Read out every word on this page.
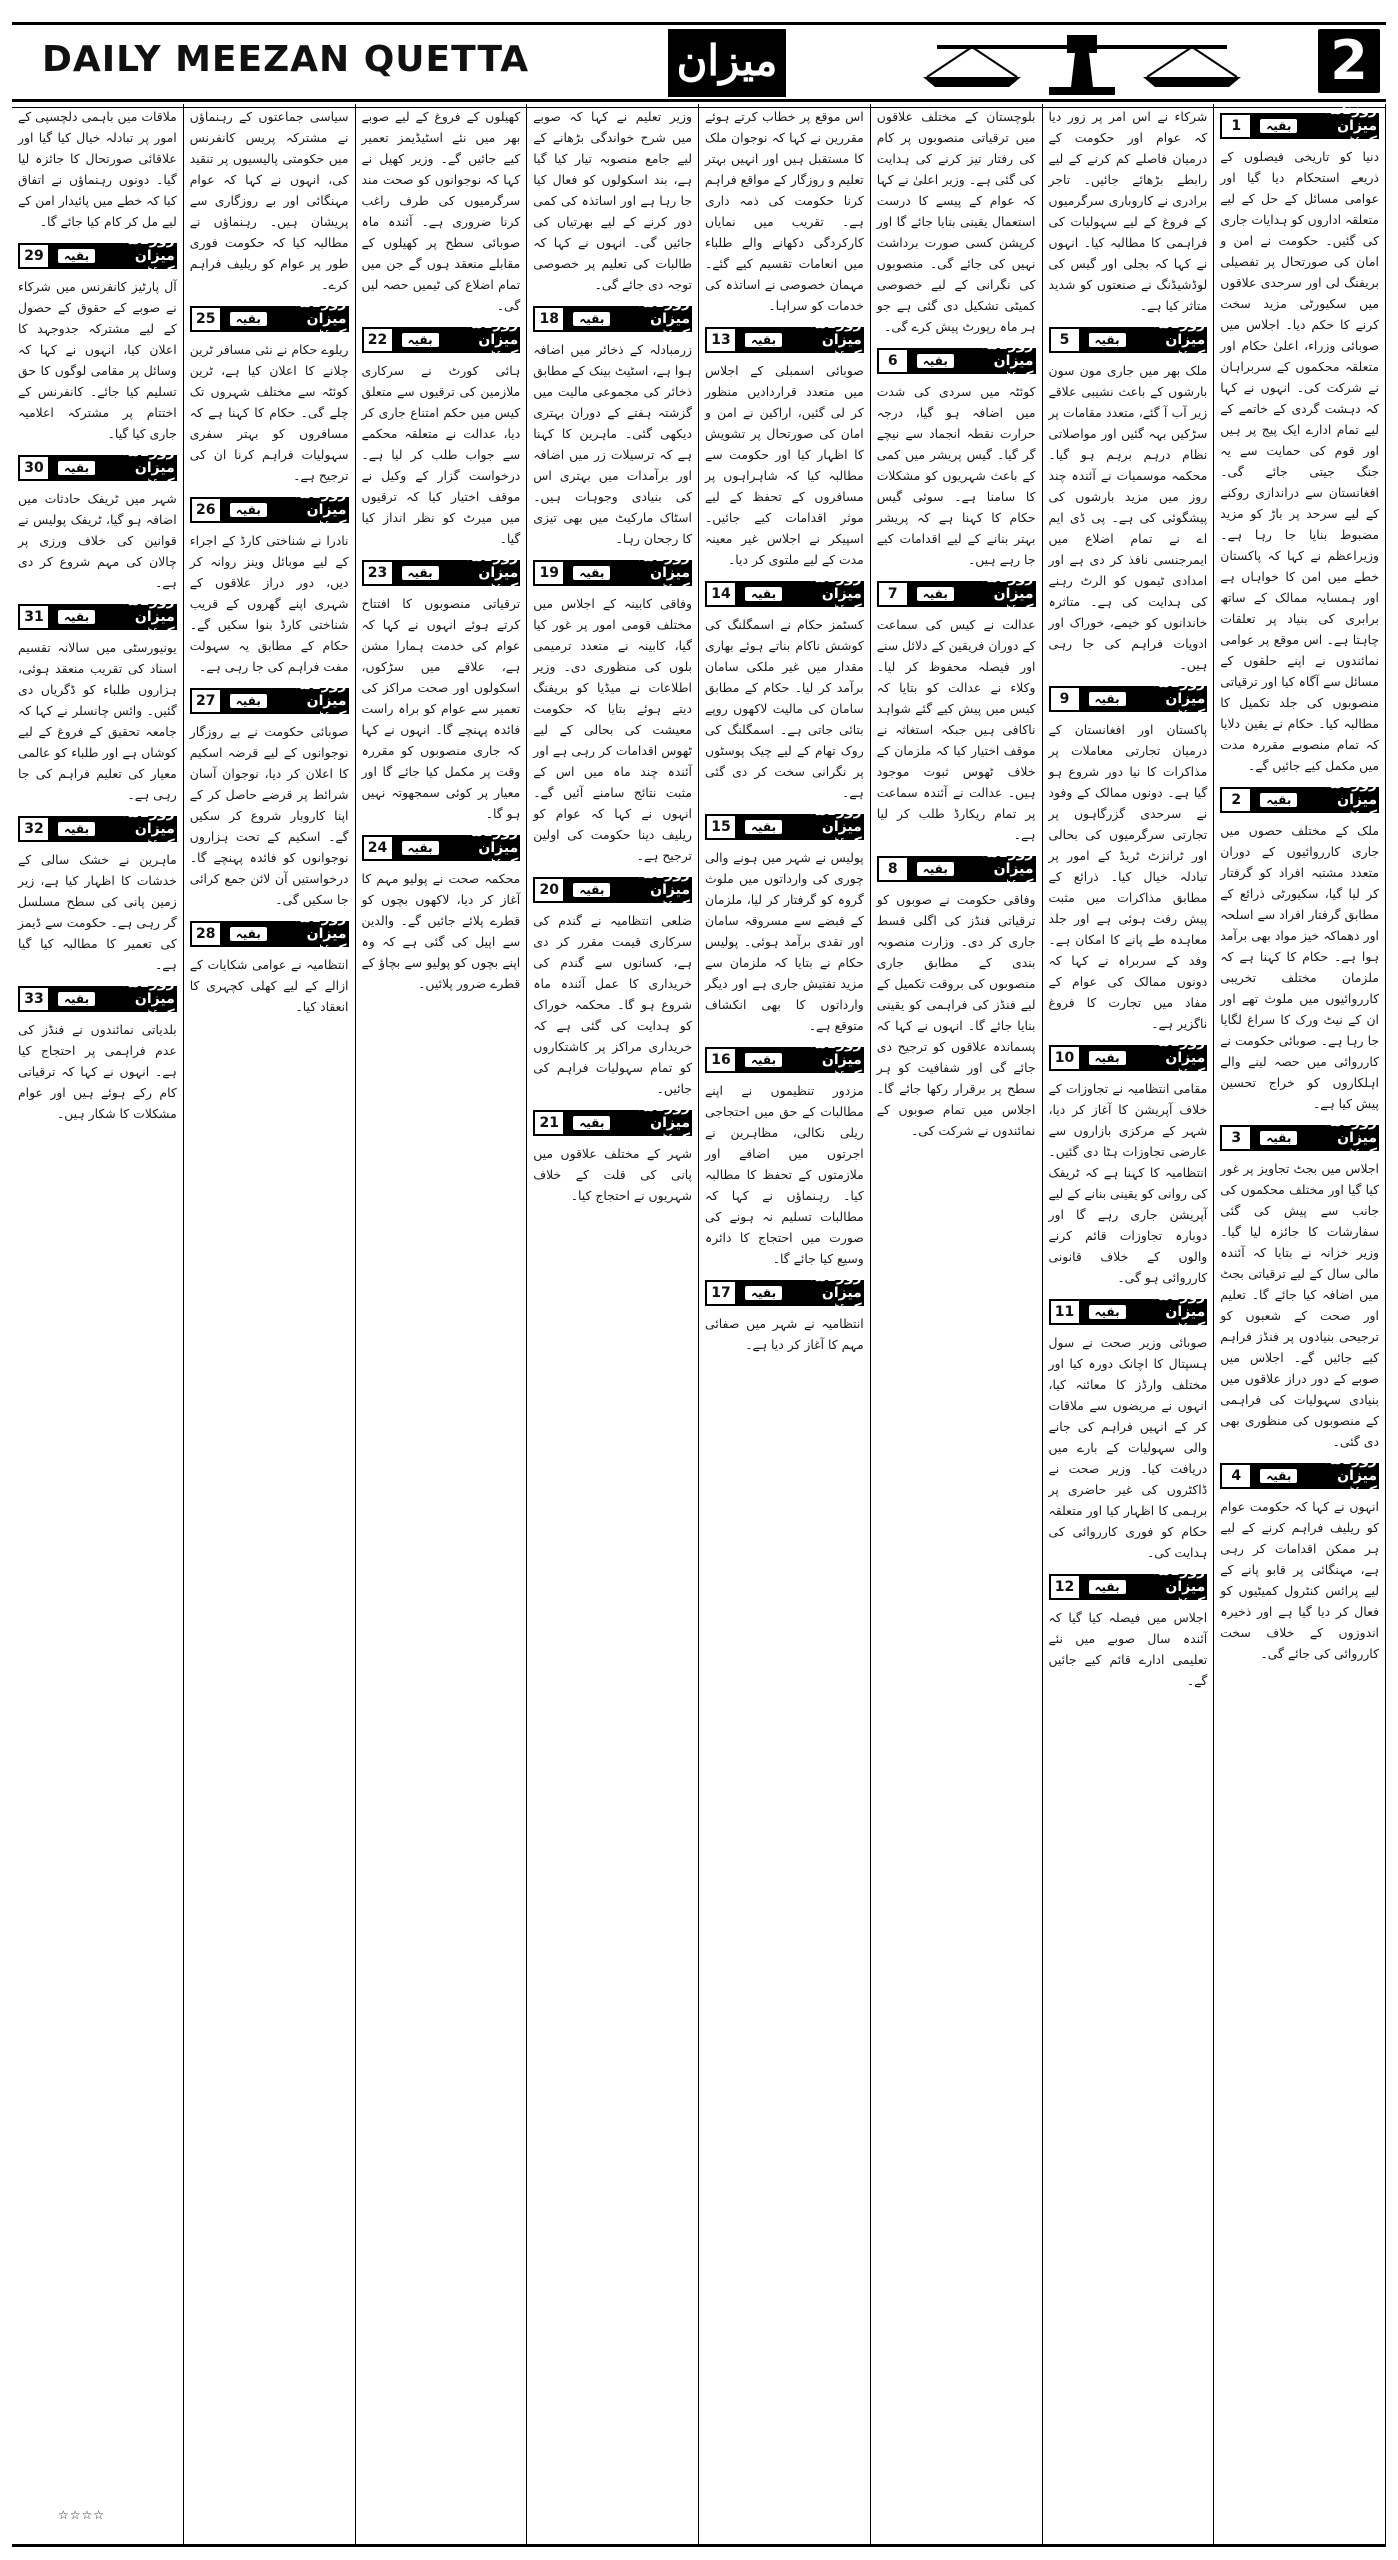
DAILY MEEZAN QUETTA	میزان	2
1
روزنامہ میزان کوئٹہ
بقیہ

دنیا کو تاریخی فیصلوں کے ذریعے استحکام دیا گیا اور عوامی مسائل کے حل کے لیے متعلقہ اداروں کو ہدایات جاری کی گئیں۔ حکومت نے امن و امان کی صورتحال پر تفصیلی بریفنگ لی اور سرحدی علاقوں میں سکیورٹی مزید سخت کرنے کا حکم دیا۔ اجلاس میں صوبائی وزراء، اعلیٰ حکام اور متعلقہ محکموں کے سربراہان نے شرکت کی۔ انہوں نے کہا کہ دہشت گردی کے خاتمے کے لیے تمام ادارے ایک پیج پر ہیں اور قوم کی حمایت سے یہ جنگ جیتی جائے گی۔ افغانستان سے دراندازی روکنے کے لیے سرحد پر باڑ کو مزید مضبوط بنایا جا رہا ہے۔ وزیراعظم نے کہا کہ پاکستان خطے میں امن کا خواہاں ہے اور ہمسایہ ممالک کے ساتھ برابری کی بنیاد پر تعلقات چاہتا ہے۔ اس موقع پر عوامی نمائندوں نے اپنے حلقوں کے مسائل سے آگاہ کیا اور ترقیاتی منصوبوں کی جلد تکمیل کا مطالبہ کیا۔ حکام نے یقین دلایا کہ تمام منصوبے مقررہ مدت میں مکمل کیے جائیں گے۔

2
روزنامہ میزان کوئٹہ
بقیہ

ملک کے مختلف حصوں میں جاری کارروائیوں کے دوران متعدد مشتبہ افراد کو گرفتار کر لیا گیا، سکیورٹی ذرائع کے مطابق گرفتار افراد سے اسلحہ اور دھماکہ خیز مواد بھی برآمد ہوا ہے۔ حکام کا کہنا ہے کہ ملزمان مختلف تخریبی کارروائیوں میں ملوث تھے اور ان کے نیٹ ورک کا سراغ لگایا جا رہا ہے۔ صوبائی حکومت نے کارروائی میں حصہ لینے والے اہلکاروں کو خراج تحسین پیش کیا ہے۔

3
روزنامہ میزان کوئٹہ
بقیہ

اجلاس میں بجٹ تجاویز پر غور کیا گیا اور مختلف محکموں کی جانب سے پیش کی گئی سفارشات کا جائزہ لیا گیا۔ وزیر خزانہ نے بتایا کہ آئندہ مالی سال کے لیے ترقیاتی بجٹ میں اضافہ کیا جائے گا۔ تعلیم اور صحت کے شعبوں کو ترجیحی بنیادوں پر فنڈز فراہم کیے جائیں گے۔ اجلاس میں صوبے کے دور دراز علاقوں میں بنیادی سہولیات کی فراہمی کے منصوبوں کی منظوری بھی دی گئی۔

4
روزنامہ میزان کوئٹہ
بقیہ

انہوں نے کہا کہ حکومت عوام کو ریلیف فراہم کرنے کے لیے ہر ممکن اقدامات کر رہی ہے، مہنگائی پر قابو پانے کے لیے پرائس کنٹرول کمیٹیوں کو فعال کر دیا گیا ہے اور ذخیرہ اندوزوں کے خلاف سخت کارروائی کی جائے گی۔

شرکاء نے اس امر پر زور دیا کہ عوام اور حکومت کے درمیان فاصلے کم کرنے کے لیے رابطے بڑھائے جائیں۔ تاجر برادری نے کاروباری سرگرمیوں کے فروغ کے لیے سہولیات کی فراہمی کا مطالبہ کیا۔ انہوں نے کہا کہ بجلی اور گیس کی لوڈشیڈنگ نے صنعتوں کو شدید متاثر کیا ہے۔

5
روزنامہ میزان کوئٹہ
بقیہ

ملک بھر میں جاری مون سون بارشوں کے باعث نشیبی علاقے زیر آب آ گئے، متعدد مقامات پر سڑکیں بہہ گئیں اور مواصلاتی نظام درہم برہم ہو گیا۔ محکمہ موسمیات نے آئندہ چند روز میں مزید بارشوں کی پیشگوئی کی ہے۔ پی ڈی ایم اے نے تمام اضلاع میں ایمرجنسی نافذ کر دی ہے اور امدادی ٹیموں کو الرٹ رہنے کی ہدایت کی ہے۔ متاثرہ خاندانوں کو خیمے، خوراک اور ادویات فراہم کی جا رہی ہیں۔

9
روزنامہ میزان کوئٹہ
بقیہ

پاکستان اور افغانستان کے درمیان تجارتی معاملات پر مذاکرات کا نیا دور شروع ہو گیا ہے۔ دونوں ممالک کے وفود نے سرحدی گزرگاہوں پر تجارتی سرگرمیوں کی بحالی اور ٹرانزٹ ٹریڈ کے امور پر تبادلہ خیال کیا۔ ذرائع کے مطابق مذاکرات میں مثبت پیش رفت ہوئی ہے اور جلد معاہدہ طے پانے کا امکان ہے۔ وفد کے سربراہ نے کہا کہ دونوں ممالک کی عوام کے مفاد میں تجارت کا فروغ ناگزیر ہے۔

10
روزنامہ میزان کوئٹہ
بقیہ

مقامی انتظامیہ نے تجاوزات کے خلاف آپریشن کا آغاز کر دیا، شہر کے مرکزی بازاروں سے عارضی تجاوزات ہٹا دی گئیں۔ انتظامیہ کا کہنا ہے کہ ٹریفک کی روانی کو یقینی بنانے کے لیے آپریشن جاری رہے گا اور دوبارہ تجاوزات قائم کرنے والوں کے خلاف قانونی کارروائی ہو گی۔

11
روزنامہ میزان کوئٹہ
بقیہ

صوبائی وزیر صحت نے سول ہسپتال کا اچانک دورہ کیا اور مختلف وارڈز کا معائنہ کیا، انہوں نے مریضوں سے ملاقات کر کے انہیں فراہم کی جانے والی سہولیات کے بارے میں دریافت کیا۔ وزیر صحت نے ڈاکٹروں کی غیر حاضری پر برہمی کا اظہار کیا اور متعلقہ حکام کو فوری کارروائی کی ہدایت کی۔

12
روزنامہ میزان کوئٹہ
بقیہ

اجلاس میں فیصلہ کیا گیا کہ آئندہ سال صوبے میں نئے تعلیمی ادارے قائم کیے جائیں گے۔

بلوچستان کے مختلف علاقوں میں ترقیاتی منصوبوں پر کام کی رفتار تیز کرنے کی ہدایت کی گئی ہے۔ وزیر اعلیٰ نے کہا کہ عوام کے پیسے کا درست استعمال یقینی بنایا جائے گا اور کرپشن کسی صورت برداشت نہیں کی جائے گی۔ منصوبوں کی نگرانی کے لیے خصوصی کمیٹی تشکیل دی گئی ہے جو ہر ماہ رپورٹ پیش کرے گی۔

6
روزنامہ میزان کوئٹہ
بقیہ

کوئٹہ میں سردی کی شدت میں اضافہ ہو گیا، درجہ حرارت نقطہ انجماد سے نیچے گر گیا۔ گیس پریشر میں کمی کے باعث شہریوں کو مشکلات کا سامنا ہے۔ سوئی گیس حکام کا کہنا ہے کہ پریشر بہتر بنانے کے لیے اقدامات کیے جا رہے ہیں۔

7
روزنامہ میزان کوئٹہ
بقیہ

عدالت نے کیس کی سماعت کے دوران فریقین کے دلائل سنے اور فیصلہ محفوظ کر لیا۔ وکلاء نے عدالت کو بتایا کہ کیس میں پیش کیے گئے شواہد ناکافی ہیں جبکہ استغاثہ نے موقف اختیار کیا کہ ملزمان کے خلاف ٹھوس ثبوت موجود ہیں۔ عدالت نے آئندہ سماعت پر تمام ریکارڈ طلب کر لیا ہے۔

8
روزنامہ میزان کوئٹہ
بقیہ

وفاقی حکومت نے صوبوں کو ترقیاتی فنڈز کی اگلی قسط جاری کر دی۔ وزارت منصوبہ بندی کے مطابق جاری منصوبوں کی بروقت تکمیل کے لیے فنڈز کی فراہمی کو یقینی بنایا جائے گا۔ انہوں نے کہا کہ پسماندہ علاقوں کو ترجیح دی جائے گی اور شفافیت کو ہر سطح پر برقرار رکھا جائے گا۔ اجلاس میں تمام صوبوں کے نمائندوں نے شرکت کی۔

اس موقع پر خطاب کرتے ہوئے مقررین نے کہا کہ نوجوان ملک کا مستقبل ہیں اور انہیں بہتر تعلیم و روزگار کے مواقع فراہم کرنا حکومت کی ذمہ داری ہے۔ تقریب میں نمایاں کارکردگی دکھانے والے طلباء میں انعامات تقسیم کیے گئے۔ مہمان خصوصی نے اساتذہ کی خدمات کو سراہا۔

13
روزنامہ میزان کوئٹہ
بقیہ

صوبائی اسمبلی کے اجلاس میں متعدد قراردادیں منظور کر لی گئیں، اراکین نے امن و امان کی صورتحال پر تشویش کا اظہار کیا اور حکومت سے مطالبہ کیا کہ شاہراہوں پر مسافروں کے تحفظ کے لیے موثر اقدامات کیے جائیں۔ اسپیکر نے اجلاس غیر معینہ مدت کے لیے ملتوی کر دیا۔

14
روزنامہ میزان کوئٹہ
بقیہ

کسٹمز حکام نے اسمگلنگ کی کوشش ناکام بناتے ہوئے بھاری مقدار میں غیر ملکی سامان برآمد کر لیا۔ حکام کے مطابق سامان کی مالیت لاکھوں روپے بتائی جاتی ہے۔ اسمگلنگ کی روک تھام کے لیے چیک پوسٹوں پر نگرانی سخت کر دی گئی ہے۔

15
روزنامہ میزان کوئٹہ
بقیہ

پولیس نے شہر میں ہونے والی چوری کی وارداتوں میں ملوث گروہ کو گرفتار کر لیا، ملزمان کے قبضے سے مسروقہ سامان اور نقدی برآمد ہوئی۔ پولیس حکام نے بتایا کہ ملزمان سے مزید تفتیش جاری ہے اور دیگر وارداتوں کا بھی انکشاف متوقع ہے۔

16
روزنامہ میزان کوئٹہ
بقیہ

مزدور تنظیموں نے اپنے مطالبات کے حق میں احتجاجی ریلی نکالی، مظاہرین نے اجرتوں میں اضافے اور ملازمتوں کے تحفظ کا مطالبہ کیا۔ رہنماؤں نے کہا کہ مطالبات تسلیم نہ ہونے کی صورت میں احتجاج کا دائرہ وسیع کیا جائے گا۔

17
روزنامہ میزان کوئٹہ
بقیہ

انتظامیہ نے شہر میں صفائی مہم کا آغاز کر دیا ہے۔

وزیر تعلیم نے کہا کہ صوبے میں شرح خواندگی بڑھانے کے لیے جامع منصوبہ تیار کیا گیا ہے، بند اسکولوں کو فعال کیا جا رہا ہے اور اساتذہ کی کمی دور کرنے کے لیے بھرتیاں کی جائیں گی۔ انہوں نے کہا کہ طالبات کی تعلیم پر خصوصی توجہ دی جائے گی۔

18
روزنامہ میزان کوئٹہ
بقیہ

زرمبادلہ کے ذخائر میں اضافہ ہوا ہے، اسٹیٹ بینک کے مطابق ذخائر کی مجموعی مالیت میں گزشتہ ہفتے کے دوران بہتری دیکھی گئی۔ ماہرین کا کہنا ہے کہ ترسیلات زر میں اضافہ اور برآمدات میں بہتری اس کی بنیادی وجوہات ہیں۔ اسٹاک مارکیٹ میں بھی تیزی کا رجحان رہا۔

19
روزنامہ میزان کوئٹہ
بقیہ

وفاقی کابینہ کے اجلاس میں مختلف قومی امور پر غور کیا گیا، کابینہ نے متعدد ترمیمی بلوں کی منظوری دی۔ وزیر اطلاعات نے میڈیا کو بریفنگ دیتے ہوئے بتایا کہ حکومت معیشت کی بحالی کے لیے ٹھوس اقدامات کر رہی ہے اور آئندہ چند ماہ میں اس کے مثبت نتائج سامنے آئیں گے۔ انہوں نے کہا کہ عوام کو ریلیف دینا حکومت کی اولین ترجیح ہے۔

20
روزنامہ میزان کوئٹہ
بقیہ

ضلعی انتظامیہ نے گندم کی سرکاری قیمت مقرر کر دی ہے، کسانوں سے گندم کی خریداری کا عمل آئندہ ماہ شروع ہو گا۔ محکمہ خوراک کو ہدایت کی گئی ہے کہ خریداری مراکز پر کاشتکاروں کو تمام سہولیات فراہم کی جائیں۔

21
روزنامہ میزان کوئٹہ
بقیہ

شہر کے مختلف علاقوں میں پانی کی قلت کے خلاف شہریوں نے احتجاج کیا۔

کھیلوں کے فروغ کے لیے صوبے بھر میں نئے اسٹیڈیمز تعمیر کیے جائیں گے۔ وزیر کھیل نے کہا کہ نوجوانوں کو صحت مند سرگرمیوں کی طرف راغب کرنا ضروری ہے۔ آئندہ ماہ صوبائی سطح پر کھیلوں کے مقابلے منعقد ہوں گے جن میں تمام اضلاع کی ٹیمیں حصہ لیں گی۔

22
روزنامہ میزان کوئٹہ
بقیہ

ہائی کورٹ نے سرکاری ملازمین کی ترقیوں سے متعلق کیس میں حکم امتناع جاری کر دیا، عدالت نے متعلقہ محکمے سے جواب طلب کر لیا ہے۔ درخواست گزار کے وکیل نے موقف اختیار کیا کہ ترقیوں میں میرٹ کو نظر انداز کیا گیا۔

23
روزنامہ میزان کوئٹہ
بقیہ

ترقیاتی منصوبوں کا افتتاح کرتے ہوئے انہوں نے کہا کہ عوام کی خدمت ہمارا مشن ہے، علاقے میں سڑکوں، اسکولوں اور صحت مراکز کی تعمیر سے عوام کو براہ راست فائدہ پہنچے گا۔ انہوں نے کہا کہ جاری منصوبوں کو مقررہ وقت پر مکمل کیا جائے گا اور معیار پر کوئی سمجھوتہ نہیں ہو گا۔

24
روزنامہ میزان کوئٹہ
بقیہ

محکمہ صحت نے پولیو مہم کا آغاز کر دیا، لاکھوں بچوں کو قطرے پلائے جائیں گے۔ والدین سے اپیل کی گئی ہے کہ وہ اپنے بچوں کو پولیو سے بچاؤ کے قطرے ضرور پلائیں۔

سیاسی جماعتوں کے رہنماؤں نے مشترکہ پریس کانفرنس میں حکومتی پالیسیوں پر تنقید کی، انہوں نے کہا کہ عوام مہنگائی اور بے روزگاری سے پریشان ہیں۔ رہنماؤں نے مطالبہ کیا کہ حکومت فوری طور پر عوام کو ریلیف فراہم کرے۔

25
روزنامہ میزان کوئٹہ
بقیہ

ریلوے حکام نے نئی مسافر ٹرین چلانے کا اعلان کیا ہے، ٹرین کوئٹہ سے مختلف شہروں تک چلے گی۔ حکام کا کہنا ہے کہ مسافروں کو بہتر سفری سہولیات فراہم کرنا ان کی ترجیح ہے۔

26
روزنامہ میزان کوئٹہ
بقیہ

نادرا نے شناختی کارڈ کے اجراء کے لیے موبائل وینز روانہ کر دیں، دور دراز علاقوں کے شہری اپنے گھروں کے قریب شناختی کارڈ بنوا سکیں گے۔ حکام کے مطابق یہ سہولت مفت فراہم کی جا رہی ہے۔

27
روزنامہ میزان کوئٹہ
بقیہ

صوبائی حکومت نے بے روزگار نوجوانوں کے لیے قرضہ اسکیم کا اعلان کر دیا، نوجوان آسان شرائط پر قرضے حاصل کر کے اپنا کاروبار شروع کر سکیں گے۔ اسکیم کے تحت ہزاروں نوجوانوں کو فائدہ پہنچے گا۔ درخواستیں آن لائن جمع کرائی جا سکیں گی۔

28
روزنامہ میزان کوئٹہ
بقیہ

انتظامیہ نے عوامی شکایات کے ازالے کے لیے کھلی کچہری کا انعقاد کیا۔

ملاقات میں باہمی دلچسپی کے امور پر تبادلہ خیال کیا گیا اور علاقائی صورتحال کا جائزہ لیا گیا۔ دونوں رہنماؤں نے اتفاق کیا کہ خطے میں پائیدار امن کے لیے مل کر کام کیا جائے گا۔

29
روزنامہ میزان کوئٹہ
بقیہ

آل پارٹیز کانفرنس میں شرکاء نے صوبے کے حقوق کے حصول کے لیے مشترکہ جدوجہد کا اعلان کیا، انہوں نے کہا کہ وسائل پر مقامی لوگوں کا حق تسلیم کیا جائے۔ کانفرنس کے اختتام پر مشترکہ اعلامیہ جاری کیا گیا۔

30
روزنامہ میزان کوئٹہ
بقیہ

شہر میں ٹریفک حادثات میں اضافہ ہو گیا، ٹریفک پولیس نے قوانین کی خلاف ورزی پر چالان کی مہم شروع کر دی ہے۔

31
روزنامہ میزان کوئٹہ
بقیہ

یونیورسٹی میں سالانہ تقسیم اسناد کی تقریب منعقد ہوئی، ہزاروں طلباء کو ڈگریاں دی گئیں۔ وائس چانسلر نے کہا کہ جامعہ تحقیق کے فروغ کے لیے کوشاں ہے اور طلباء کو عالمی معیار کی تعلیم فراہم کی جا رہی ہے۔

32
روزنامہ میزان کوئٹہ
بقیہ

ماہرین نے خشک سالی کے خدشات کا اظہار کیا ہے، زیر زمین پانی کی سطح مسلسل گر رہی ہے۔ حکومت سے ڈیمز کی تعمیر کا مطالبہ کیا گیا ہے۔

33
روزنامہ میزان کوئٹہ
بقیہ

بلدیاتی نمائندوں نے فنڈز کی عدم فراہمی پر احتجاج کیا ہے۔ انہوں نے کہا کہ ترقیاتی کام رکے ہوئے ہیں اور عوام مشکلات کا شکار ہیں۔

☆☆☆☆
